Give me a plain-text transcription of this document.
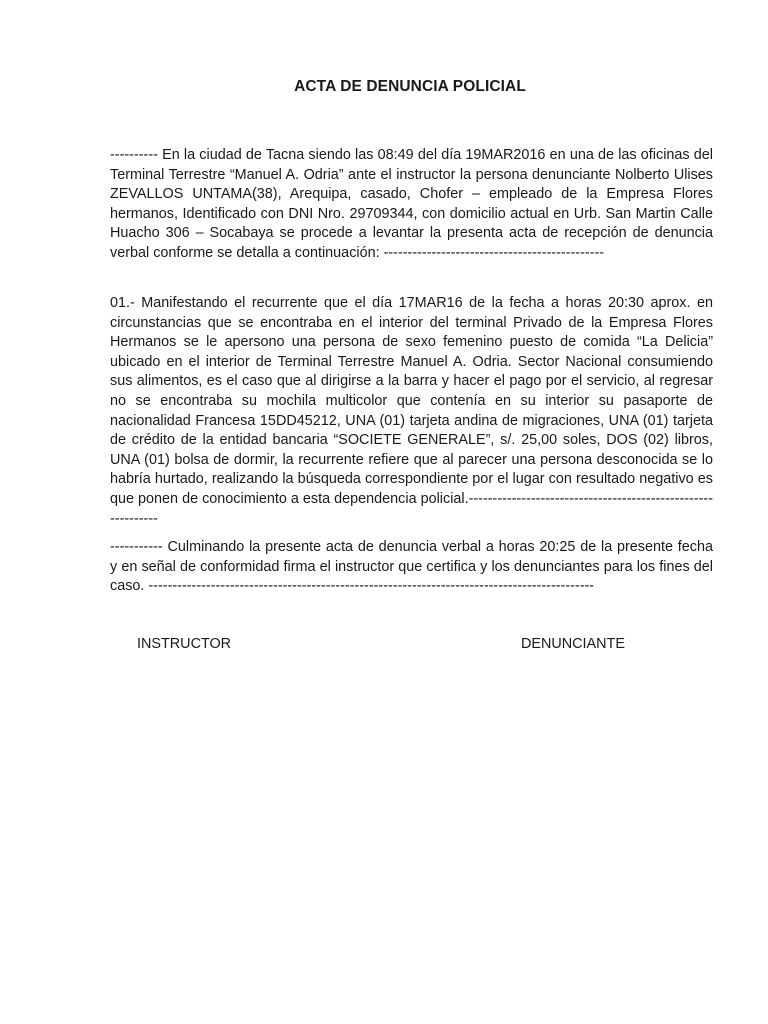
ACTA DE DENUNCIA POLICIAL

---------- En la ciudad de Tacna siendo las 08:49 del día 19MAR2016 en una de las oficinas del Terminal Terrestre “Manuel A. Odria” ante el instructor la persona denunciante Nolberto Ulises ZEVALLOS UNTAMA(38), Arequipa, casado, Chofer – empleado de la Empresa Flores hermanos, Identificado con DNI Nro. 29709344, con domicilio actual en Urb. San Martin Calle Huacho 306 – Socabaya se procede a levantar la presenta acta de recepción de denuncia verbal conforme se detalla a continuación: ----------------------------------------------

01.- Manifestando el recurrente que el día 17MAR16 de la fecha a horas 20:30 aprox. en circunstancias que se encontraba en el interior del terminal Privado de la Empresa Flores Hermanos se le apersono una persona de sexo femenino puesto de comida “La Delicia” ubicado en el interior de Terminal Terrestre Manuel A. Odria. Sector Nacional consumiendo sus alimentos, es el caso que al dirigirse a la barra y hacer el pago por el servicio, al regresar no se encontraba su mochila multicolor que contenía en su interior su pasaporte de nacionalidad Francesa 15DD45212, UNA (01) tarjeta andina de migraciones, UNA (01) tarjeta de crédito de la entidad bancaria “SOCIETE GENERALE”, s/. 25,00 soles, DOS (02) libros, UNA (01) bolsa de dormir, la recurrente refiere que al parecer una persona desconocida se lo habría hurtado, realizando la búsqueda correspondiente por el lugar con resultado negativo es que ponen de conocimiento a esta dependencia policial.-------------------------------------------------------------

----------- Culminando la presente acta de denuncia verbal a horas 20:25 de la presente fecha y en señal de conformidad firma el instructor que certifica y los denunciantes para los fines del caso. ---------------------------------------------------------------------------------------------

INSTRUCTOR	DENUNCIANTE
